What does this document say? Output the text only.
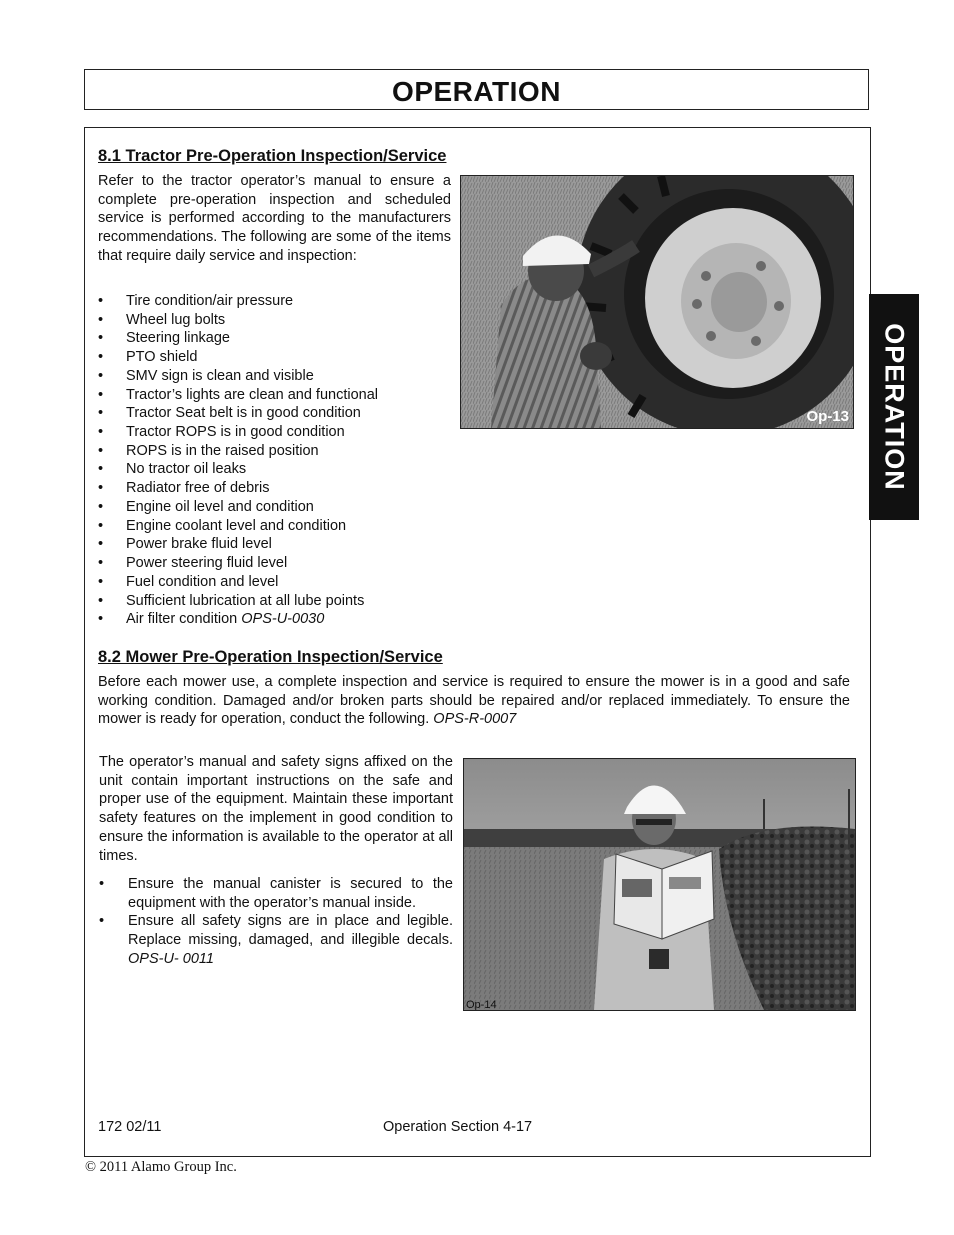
OPERATION
OPERATION
8.1 Tractor Pre-Operation Inspection/Service
Refer to the tractor operator’s manual to ensure a complete pre-operation inspection and scheduled service is performed according to the manufacturers recommendations. The following are some of the items that require daily service and inspection:
• Tire condition/air pressure
• Wheel lug bolts
• Steering linkage
• PTO shield
• SMV sign is clean and visible
• Tractor’s lights are clean and functional
• Tractor Seat belt is in good condition
• Tractor ROPS is in good condition
• ROPS is in the raised position
• No tractor oil leaks
• Radiator free of debris
• Engine oil level and condition
• Engine coolant level and condition
• Power brake fluid level
• Power steering fluid level
• Fuel condition and level
• Sufficient lubrication at all lube points
• Air filter condition OPS-U-0030
Op-13
8.2 Mower Pre-Operation Inspection/Service
Before each mower use, a complete inspection and service is required to ensure the mower is in a good and safe working condition. Damaged and/or broken parts should be repaired and/or replaced immediately. To ensure the mower is ready for operation, conduct the following. OPS-R-0007
The operator’s manual and safety signs affixed on the unit contain important instructions on the safe and proper use of the equipment. Maintain these important safety features on the implement in good condition to ensure the information is available to the operator at all times.
• Ensure the manual canister is secured to the equipment with the operator’s manual inside.
• Ensure all safety signs are in place and legible. Replace missing, damaged, and illegible decals. OPS-U- 0011
Op-14
172 02/11	Operation Section 4-17
© 2011 Alamo Group Inc.
